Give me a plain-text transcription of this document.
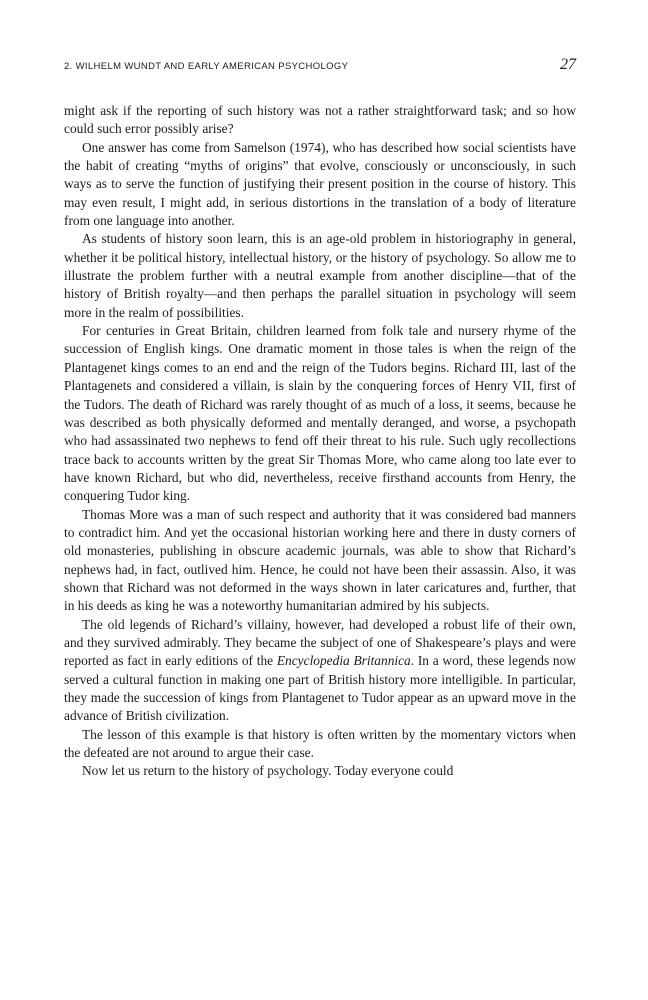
2. WILHELM WUNDT AND EARLY AMERICAN PSYCHOLOGY	27

might ask if the reporting of such history was not a rather straightforward task; and so how could such error possibly arise?

One answer has come from Samelson (1974), who has described how social scientists have the habit of creating “myths of origins” that evolve, consciously or unconsciously, in such ways as to serve the function of justifying their present position in the course of history. This may even result, I might add, in serious distortions in the translation of a body of literature from one language into another.

As students of history soon learn, this is an age-old problem in historiography in general, whether it be political history, intellectual history, or the history of psychology. So allow me to illustrate the problem further with a neutral example from another discipline—that of the history of British royalty—and then perhaps the parallel situation in psychology will seem more in the realm of possibilities.

For centuries in Great Britain, children learned from folk tale and nursery rhyme of the succession of English kings. One dramatic moment in those tales is when the reign of the Plantagenet kings comes to an end and the reign of the Tudors begins. Richard III, last of the Plantagenets and considered a villain, is slain by the conquering forces of Henry VII, first of the Tudors. The death of Richard was rarely thought of as much of a loss, it seems, because he was described as both physically deformed and mentally deranged, and worse, a psychopath who had assassinated two nephews to fend off their threat to his rule. Such ugly recollections trace back to accounts written by the great Sir Thomas More, who came along too late ever to have known Richard, but who did, nevertheless, receive firsthand accounts from Henry, the conquering Tudor king.

Thomas More was a man of such respect and authority that it was considered bad manners to contradict him. And yet the occasional historian working here and there in dusty corners of old monasteries, publishing in obscure academic journals, was able to show that Richard’s nephews had, in fact, outlived him. Hence, he could not have been their assassin. Also, it was shown that Richard was not deformed in the ways shown in later caricatures and, further, that in his deeds as king he was a noteworthy humanitarian admired by his subjects.

The old legends of Richard’s villainy, however, had developed a robust life of their own, and they survived admirably. They became the subject of one of Shakespeare’s plays and were reported as fact in early editions of the Encyclopedia Britannica. In a word, these legends now served a cultural function in making one part of British history more intelligible. In particular, they made the succession of kings from Plantagenet to Tudor appear as an upward move in the advance of British civilization.

The lesson of this example is that history is often written by the momentary victors when the defeated are not around to argue their case.

Now let us return to the history of psychology. Today everyone could
